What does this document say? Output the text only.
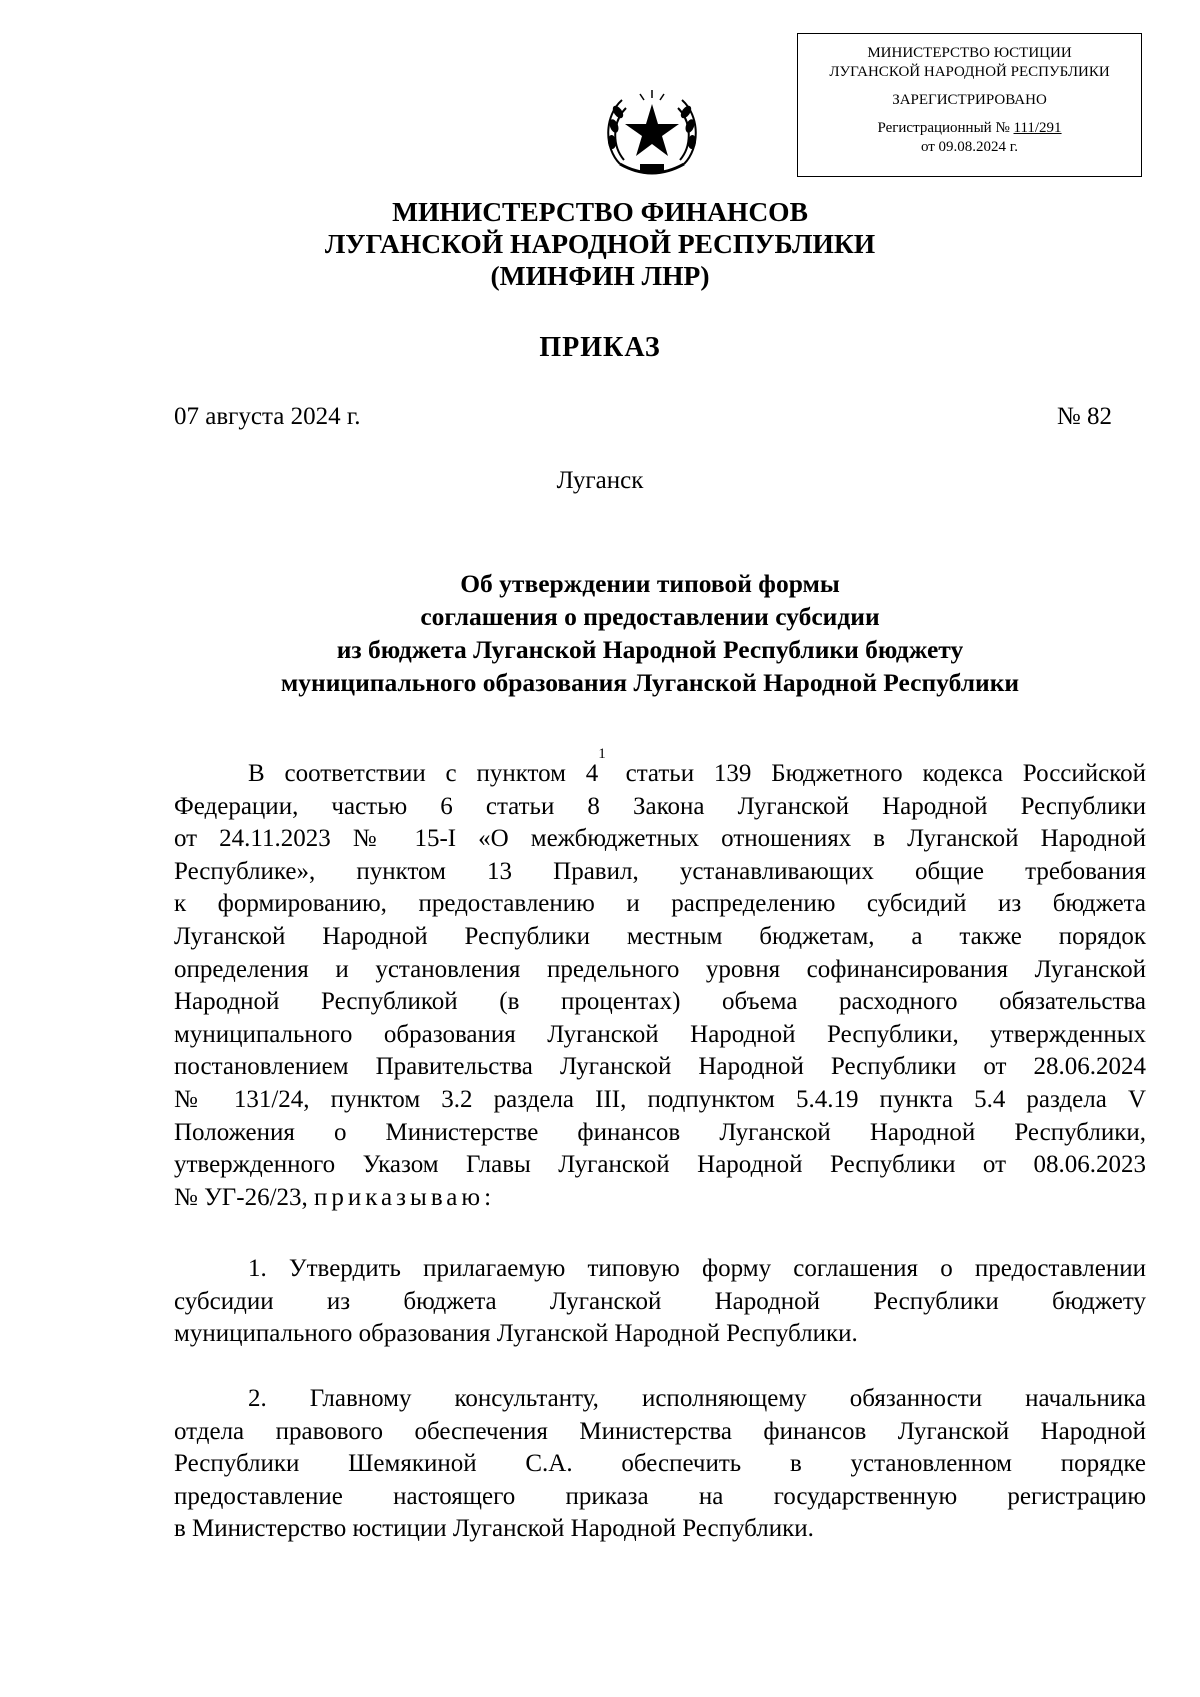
МИНИСТЕРСТВО ЮСТИЦИИ
ЛУГАНСКОЙ НАРОДНОЙ РЕСПУБЛИКИ
ЗАРЕГИСТРИРОВАНО
Регистрационный № 111/291
от 09.08.2024 г.
МИНИСТЕРСТВО ФИНАНСОВ
ЛУГАНСКОЙ НАРОДНОЙ РЕСПУБЛИКИ
(МИНФИН ЛНР)
ПРИКАЗ
07 августа 2024 г.	№ 82
Луганск
Об утверждении типовой формы
соглашения о предоставлении субсидии
из бюджета Луганской Народной Республики бюджету
муниципального образования Луганской Народной Республики
В соответствии с пунктом $4^1$ статьи 139 Бюджетного кодекса Российской
Федерации, частью 6 статьи 8 Закона Луганской Народной Республики
от 24.11.2023 № 15-I «О межбюджетных отношениях в Луганской Народной
Республике», пунктом 13 Правил, устанавливающих общие требования
к формированию, предоставлению и распределению субсидий из бюджета
Луганской Народной Республики местным бюджетам, а также порядок
определения и установления предельного уровня софинансирования Луганской
Народной Республикой (в процентах) объема расходного обязательства
муниципального образования Луганской Народной Республики, утвержденных
постановлением Правительства Луганской Народной Республики от 28.06.2024
№ 131/24, пунктом 3.2 раздела III, подпунктом 5.4.19 пункта 5.4 раздела V
Положения о Министерстве финансов Луганской Народной Республики,
утвержденного Указом Главы Луганской Народной Республики от 08.06.2023
№ УГ-26/23, приказываю:
1. Утвердить прилагаемую типовую форму соглашения о предоставлении
субсидии из бюджета Луганской Народной Республики бюджету
муниципального образования Луганской Народной Республики.
2. Главному консультанту, исполняющему обязанности начальника
отдела правового обеспечения Министерства финансов Луганской Народной
Республики Шемякиной С.А. обеспечить в установленном порядке
предоставление настоящего приказа на государственную регистрацию
в Министерство юстиции Луганской Народной Республики.
